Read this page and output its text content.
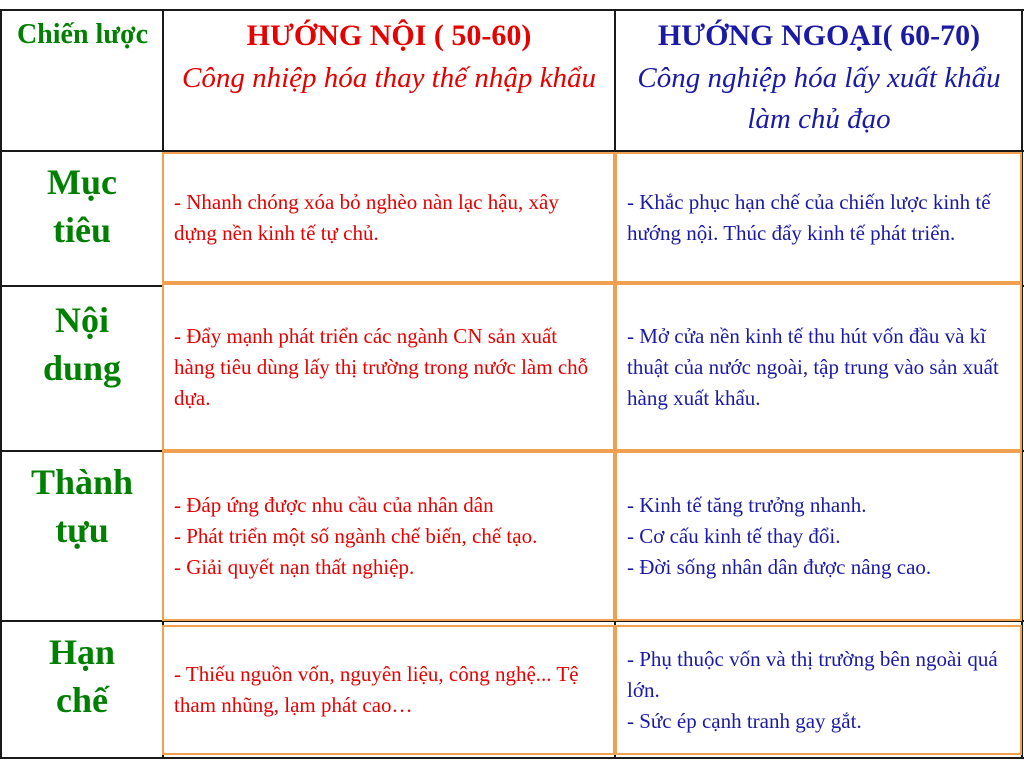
Chiến lược	HƯỚNG NỘI ( 50-60)
Công nhiệp hóa thay thế nhập khẩu
HƯỚNG NGOẠI( 60-70)
Công nghiệp hóa lấy xuất khẩu làm chủ đạo
Mục
tiêu
- Nhanh chóng xóa bỏ nghèo nàn lạc hậu, xây dựng nền kinh tế tự chủ.
- Khắc phục hạn chế của chiến lược kinh tế hướng nội. Thúc đẩy kinh tế phát triển.
Nội
dung
- Đẩy mạnh phát triển các ngành CN sản xuất hàng tiêu dùng lấy thị trường trong nước làm chỗ dựa.
- Mở cửa nền kinh tế thu hút vốn đầu và kĩ thuật của nước ngoài, tập trung vào sản xuất hàng xuất khẩu.
Thành
tựu
- Đáp ứng được nhu cầu của nhân dân
- Phát triển một số ngành chế biến, chế tạo.
- Giải quyết nạn thất nghiệp.
- Kinh tế tăng trưởng nhanh.
- Cơ cấu kinh tế thay đổi.
- Đời sống nhân dân được nâng cao.
Hạn
chế
- Thiếu nguồn vốn, nguyên liệu, công nghệ... Tệ tham nhũng, lạm phát cao…
- Phụ thuộc vốn và thị trường bên ngoài quá lớn.
- Sức ép cạnh tranh gay gắt.
